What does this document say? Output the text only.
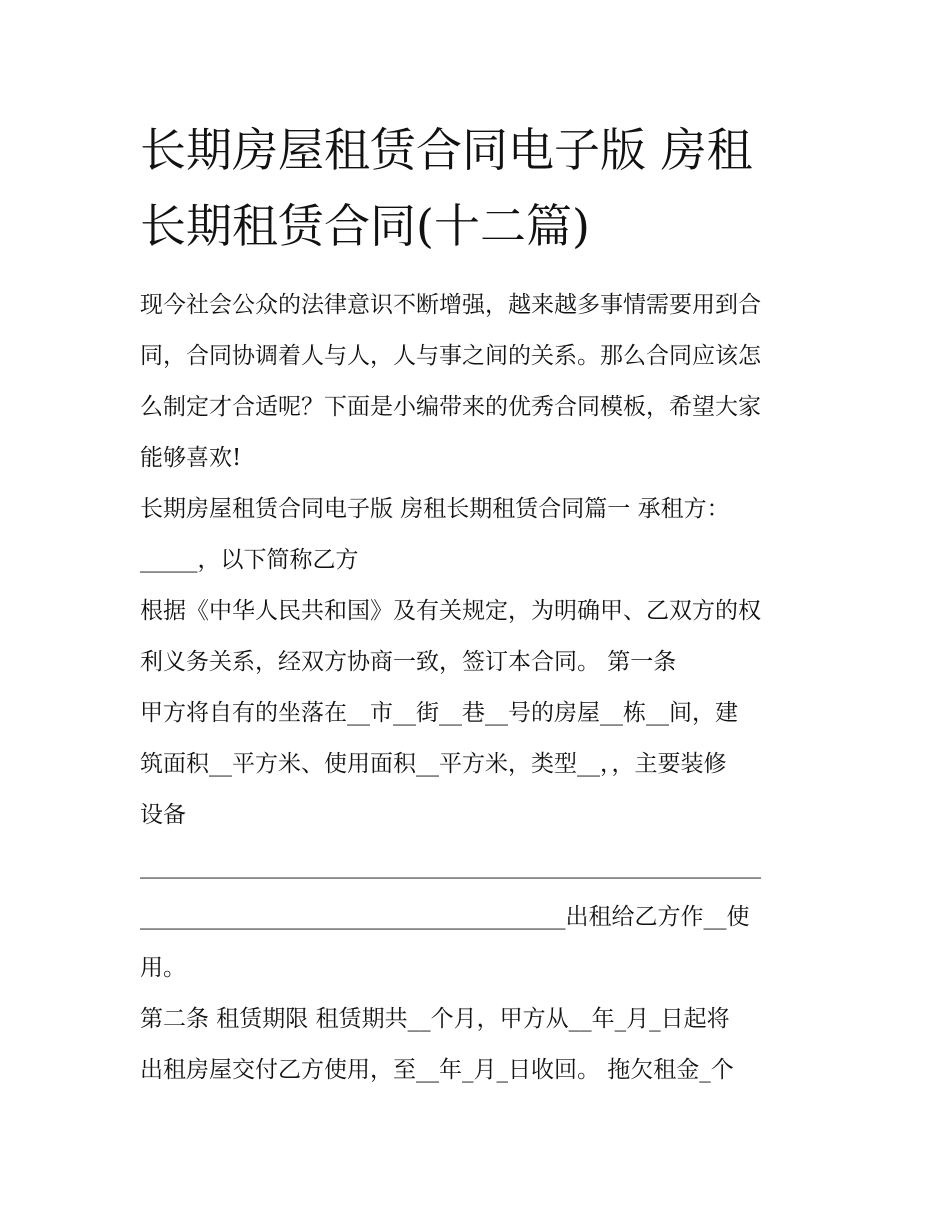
长期房屋租赁合同电子版 房租
长期租赁合同(十二篇)
现今社会公众的法律意识不断增强，越来越多事情需要用到合
同，合同协调着人与人，人与事之间的关系。那么合同应该怎
么制定才合适呢？下面是小编带来的优秀合同模板，希望大家
能够喜欢!
长期房屋租赁合同电子版 房租长期租赁合同篇一 承租方：
_____，以下简称乙方
根据《中华人民共和国》及有关规定，为明确甲、乙双方的权
利义务关系，经双方协商一致，签订本合同。 第一条
甲方将自有的坐落在__市__街__巷__号的房屋__栋__间，建
筑面积__平方米、使用面积__平方米，类型__，，主要装修
设备
______________________________________________________
_____________________________________出租给乙方作__使
用。
第二条 租赁期限 租赁期共__个月，甲方从__年_月_日起将
出租房屋交付乙方使用，至__年_月_日收回。 拖欠租金_个
